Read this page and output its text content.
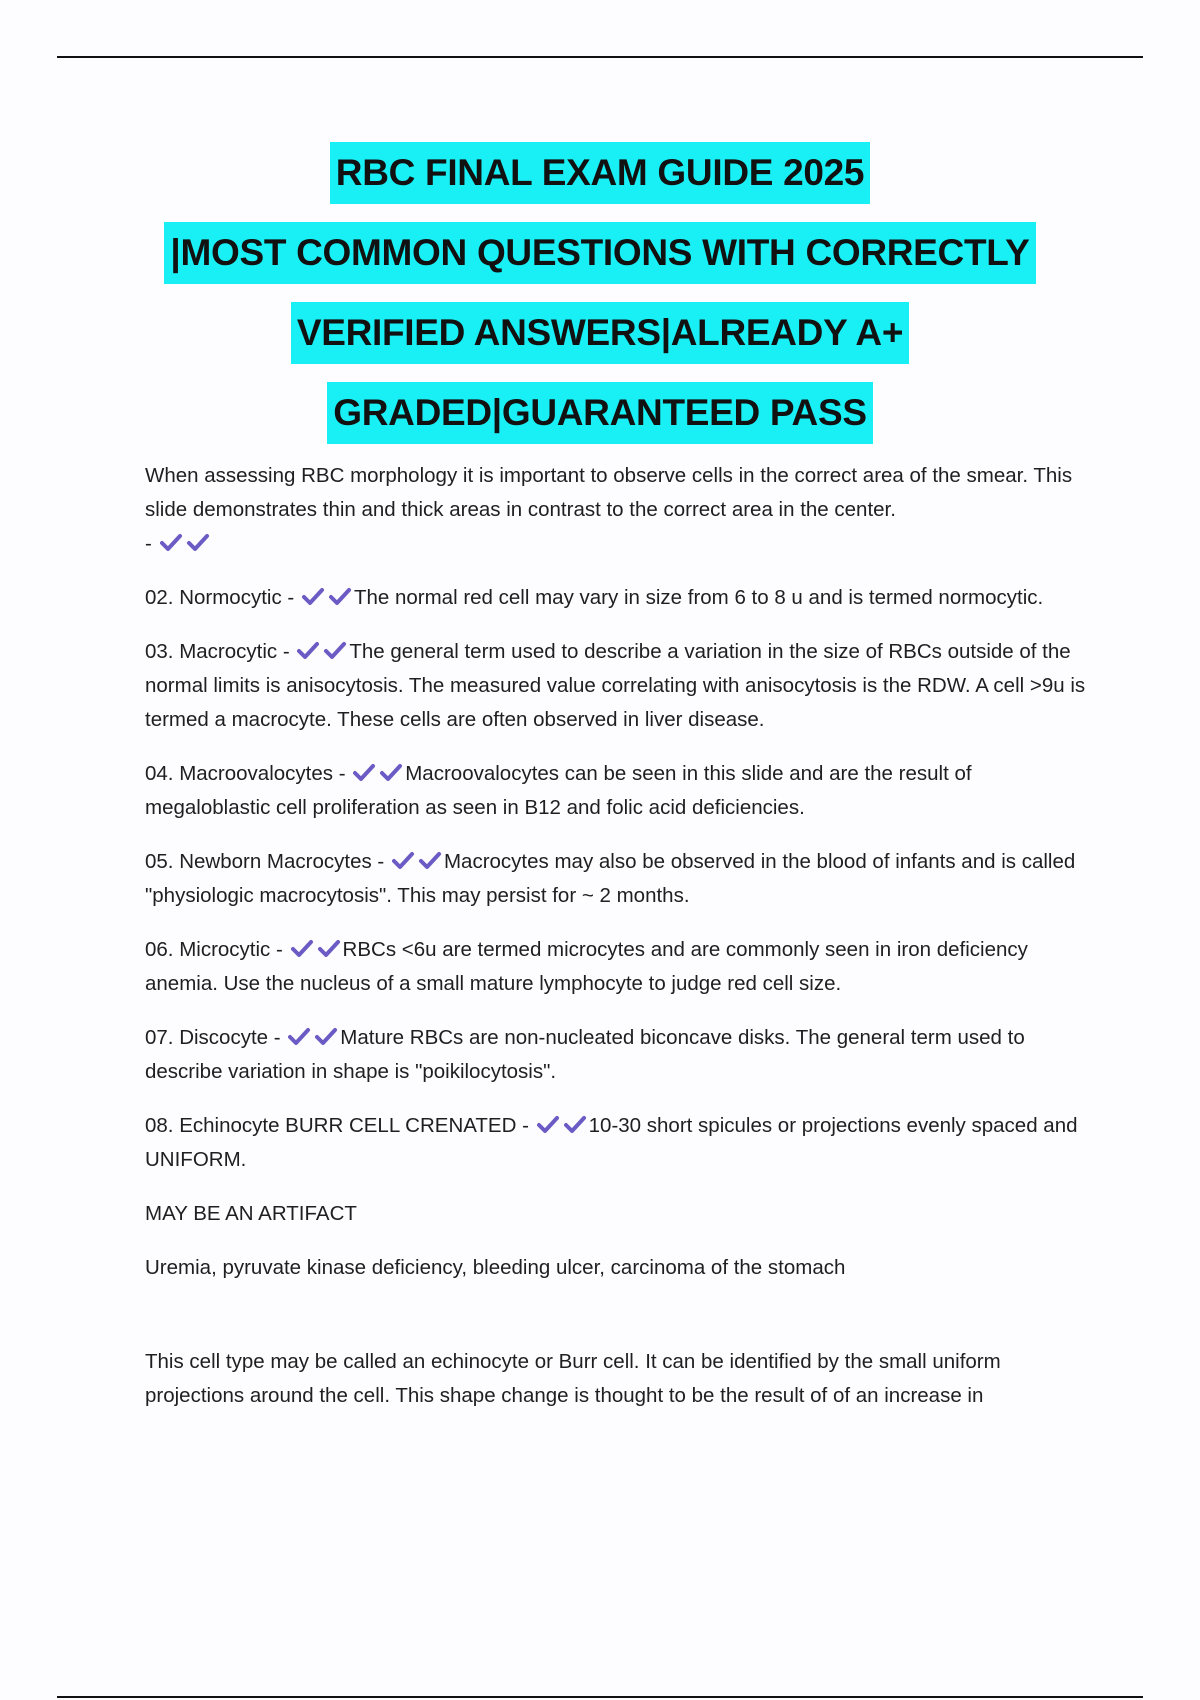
RBC FINAL EXAM GUIDE 2025
|MOST COMMON QUESTIONS WITH CORRECTLY
VERIFIED ANSWERS|ALREADY A+
GRADED|GUARANTEED PASS
When assessing RBC morphology it is important to observe cells in the correct area of the smear. This slide demonstrates thin and thick areas in contrast to the correct area in the center.
-
02. Normocytic -	The normal red cell may vary in size from 6 to 8 u and is termed normocytic.
03. Macrocytic -	The general term used to describe a variation in the size of RBCs outside of the normal limits is anisocytosis. The measured value correlating with anisocytosis is the RDW. A cell >9u is termed a macrocyte. These cells are often observed in liver disease.
04. Macroovalocytes -	Macroovalocytes can be seen in this slide and are the result of megaloblastic cell proliferation as seen in B12 and folic acid deficiencies.
05. Newborn Macrocytes -	Macrocytes may also be observed in the blood of infants and is called "physiologic macrocytosis". This may persist for ~ 2 months.
06. Microcytic -	RBCs <6u are termed microcytes and are commonly seen in iron deficiency anemia. Use the nucleus of a small mature lymphocyte to judge red cell size.
07. Discocyte -	Mature RBCs are non-nucleated biconcave disks. The general term used to describe variation in shape is "poikilocytosis".
08. Echinocyte BURR CELL CRENATED -	10-30 short spicules or projections evenly spaced and UNIFORM.
MAY BE AN ARTIFACT
Uremia, pyruvate kinase deficiency, bleeding ulcer, carcinoma of the stomach
This cell type may be called an echinocyte or Burr cell. It can be identified by the small uniform projections around the cell. This shape change is thought to be the result of of an increase in
